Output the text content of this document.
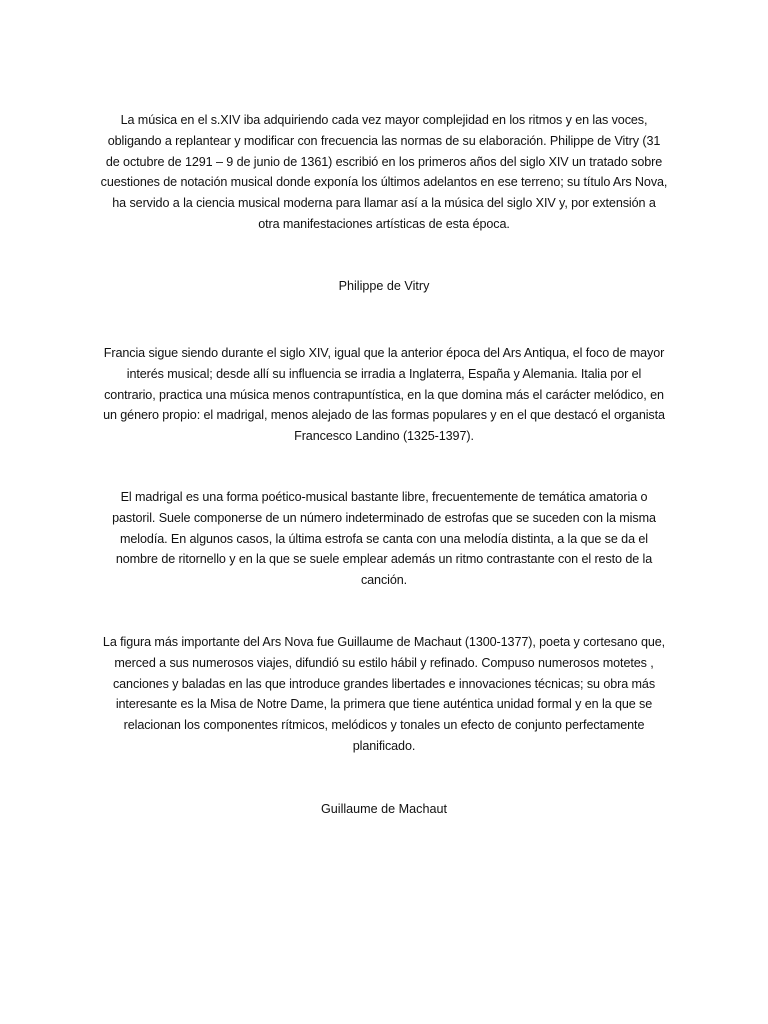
La música en el s.XIV iba adquiriendo cada vez mayor complejidad en los ritmos y en las voces, obligando a replantear y modificar con frecuencia las normas de su elaboración. Philippe de Vitry (31 de octubre de 1291 – 9 de junio de 1361) escribió en los primeros años del siglo XIV un tratado sobre cuestiones de notación musical donde exponía los últimos adelantos en ese terreno; su título Ars Nova, ha servido a la ciencia musical moderna para llamar así a la música del siglo XIV y, por extensión a otra manifestaciones artísticas de esta época.

Philippe de Vitry

Francia sigue siendo durante el siglo XIV, igual que la anterior época del Ars Antiqua, el foco de mayor interés musical; desde allí su influencia se irradia a Inglaterra, España y Alemania. Italia por el contrario, practica una música menos contrapuntística, en la que domina más el carácter melódico, en un género propio: el madrigal, menos alejado de las formas populares y en el que destacó el organista Francesco Landino (1325-1397).

El madrigal es una forma poético-musical bastante libre, frecuentemente de temática amatoria o pastoril. Suele componerse de un número indeterminado de estrofas que se suceden con la misma melodía. En algunos casos, la última estrofa se canta con una melodía distinta, a la que se da el nombre de ritornello y en la que se suele emplear además un ritmo contrastante con el resto de la canción.

La figura más importante del Ars Nova fue Guillaume de Machaut (1300-1377), poeta y cortesano que, merced a sus numerosos viajes, difundió su estilo hábil y refinado. Compuso numerosos motetes , canciones y baladas en las que introduce grandes libertades e innovaciones técnicas; su obra más interesante es la Misa de Notre Dame, la primera que tiene auténtica unidad formal y en la que se relacionan los componentes rítmicos, melódicos y tonales un efecto de conjunto perfectamente planificado.

Guillaume de Machaut
